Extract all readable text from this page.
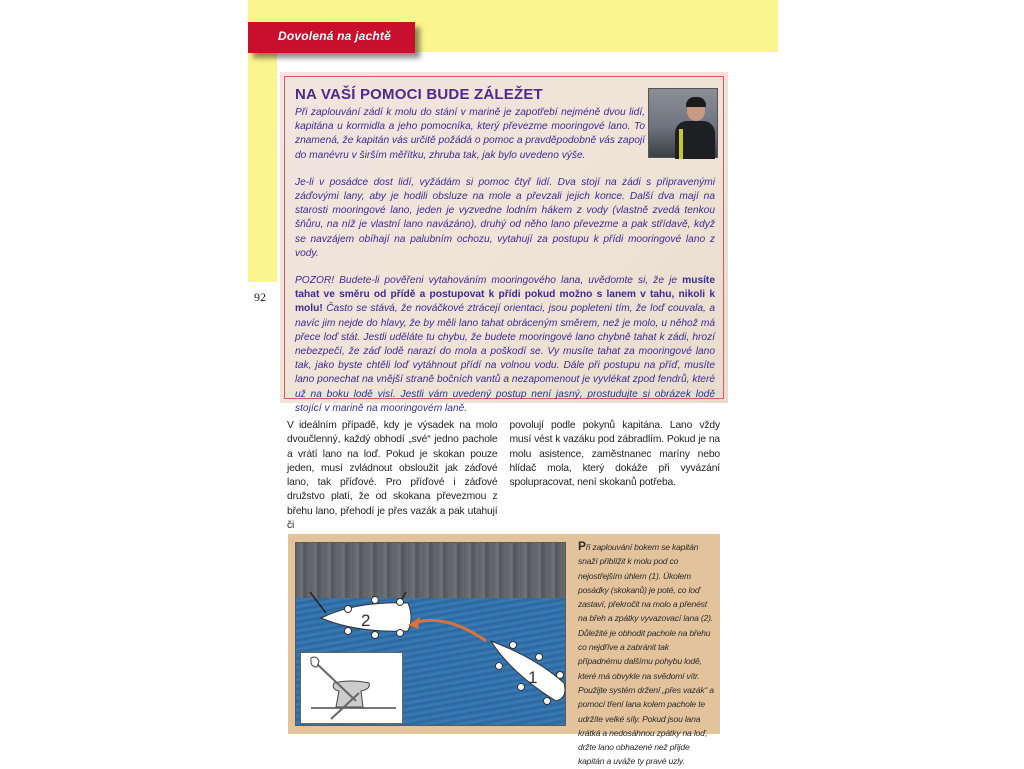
Dovolená na jachtě
92
NA VAŠÍ POMOCI BUDE ZÁLEŽET

Při zaplouvání zádí k molu do stání v marině je zapotřebí nejméně dvou lidí, kapitána u kormidla a jeho pomocníka, který převezme mooringové lano. To znamená, že kapitán vás určitě požádá o pomoc a pravděpodobně vás zapojí do manévru v širším měřítku, zhruba tak, jak bylo uvedeno výše.

Je-li v posádce dost lidí, vyžádám si pomoc čtyř lidí. Dva stojí na zádi s připravenými záďovými lany, aby je hodili obsluze na mole a převzali jejich konce. Další dva mají na starosti mooringové lano, jeden je vyzvedne lodním hákem z vody (vlastně zvedá tenkou šňůru, na níž je vlastní lano navázáno), druhý od něho lano převezme a pak střídavě, když se navzájem obíhají na palubním ochozu, vytahují za postupu k přídi mooringové lano z vody.

POZOR! Budete-li pověřeni vytahováním mooringového lana, uvědomte si, že je musíte tahat ve směru od přídě a postupovat k přídi pokud možno s lanem v tahu, nikoli k molu! Často se stává, že nováčkové ztrácejí orientaci, jsou popleteni tím, že loď couvala, a navíc jim nejde do hlavy, že by měli lano tahat obráceným směrem, než je molo, u něhož má přece loď stát. Jestli uděláte tu chybu, že budete mooringové lano chybně tahat k zádi, hrozí nebezpečí, že záď lodě narazí do mola a poškodí se. Vy musíte tahat za mooringové lano tak, jako byste chtěli loď vytáhnout přídí na volnou vodu. Dále při postupu na příď, musíte lano ponechat na vnější straně bočních vantů a nezapomenout je vyvlékat zpod fendrů, které už na boku lodě visí. Jestli vám uvedený postup není jasný, prostudujte si obrázek lodě stojící v marině na mooringovém laně.

V ideálním případě, kdy je výsadek na molo dvoučlenný, každý obhodí „své“ jedno pachole a vrátí lano na loď. Pokud je skokan pouze jeden, musí zvládnout obsloužit jak záďové lano, tak příďové. Pro příďové i záďové družstvo platí, že od skokana převezmou z břehu lano, přehodí je přes vazák a pak utahují či

povolují podle pokynů kapitána. Lano vždy musí vést k vazáku pod zábradlím. Pokud je na molu asistence, zaměstnanec maríny nebo hlídač mola, který dokáže při vyvázání spolupracovat, není skokanů potřeba.

2
1
Při zaplouvání bokem se kapitán snaží přiblížit k molu pod co nejostřejším úhlem (1). Úkolem posádky (skokanů) je poté, co loď zastaví, překročit na molo a přenést na břeh a zpátky vyvazovací lana (2). Důležité je obhodit pachole na břehu co nejdříve a zabránit tak případnému dalšímu pohybu lodě, které má obvykle na svědomí vítr. Použijte systém držení „přes vazák“ a pomocí tření lana kolem pachole te udržíte velké síly. Pokud jsou lana krátká a nedosáhnou zpátky na loď, držte lano obhazené než přijde kapitán a uváže ty pravé uzly.
